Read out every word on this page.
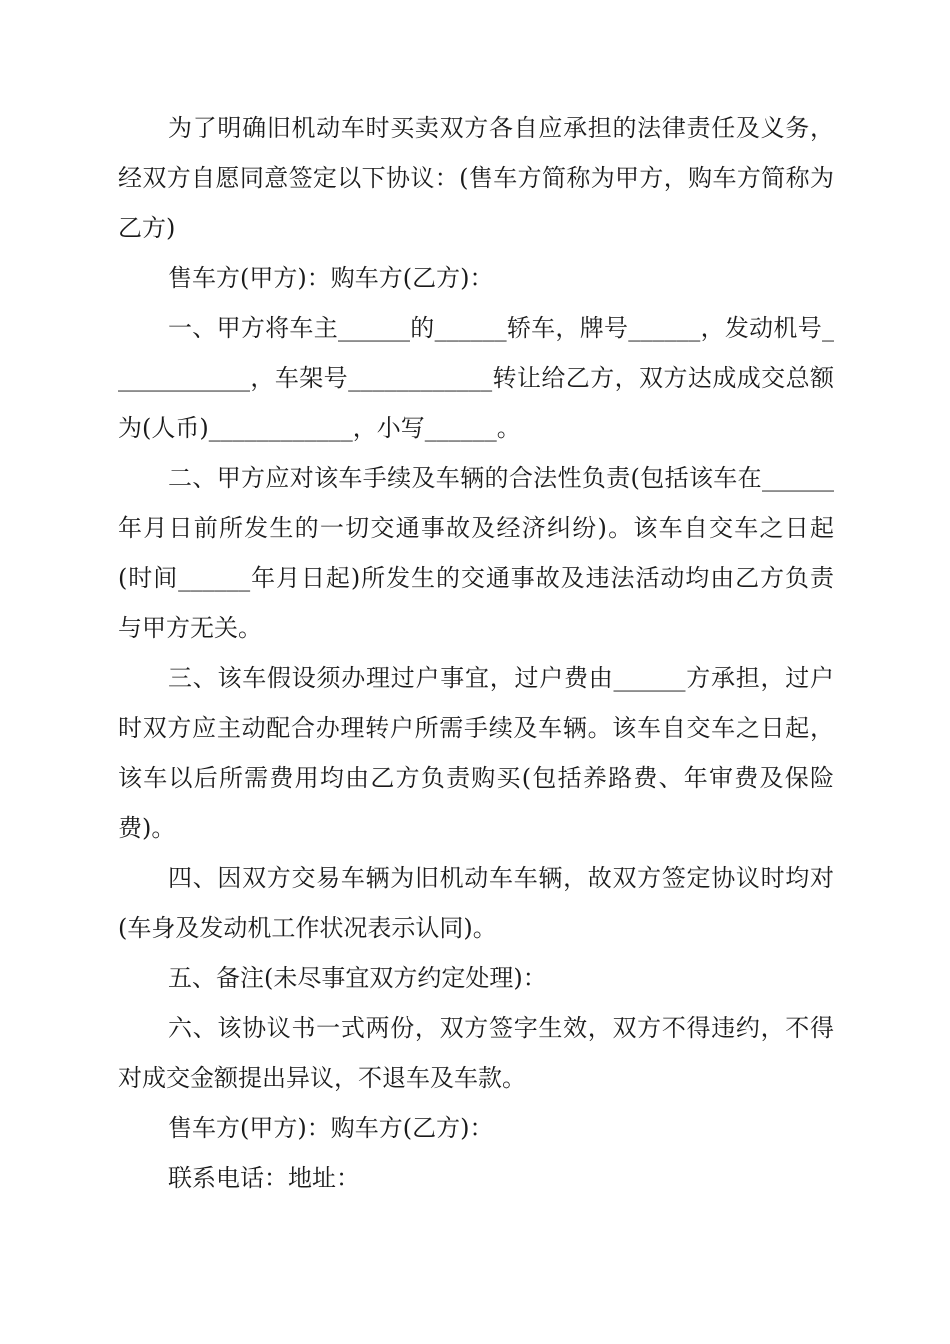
为了明确旧机动车时买卖双方各自应承担的法律责任及义务，
经双方自愿同意签定以下协议：(售车方简称为甲方，购车方简称为
乙方)
售车方(甲方)：购车方(乙方)：
一、甲方将车主______的______轿车，牌号______，发动机号_
___________，车架号____________转让给乙方，双方达成成交总额
为(人币)____________，小写______。
二、甲方应对该车手续及车辆的合法性负责(包括该车在______
年月日前所发生的一切交通事故及经济纠纷)。该车自交车之日起
(时间______年月日起)所发生的交通事故及违法活动均由乙方负责
与甲方无关。
三、该车假设须办理过户事宜，过户费由______方承担，过户
时双方应主动配合办理转户所需手续及车辆。该车自交车之日起，
该车以后所需费用均由乙方负责购买(包括养路费、年审费及保险
费)。
四、因双方交易车辆为旧机动车车辆，故双方签定协议时均对
(车身及发动机工作状况表示认同)。
五、备注(未尽事宜双方约定处理)：
六、该协议书一式两份，双方签字生效，双方不得违约，不得
对成交金额提出异议，不退车及车款。
售车方(甲方)：购车方(乙方)：
联系电话：地址：
